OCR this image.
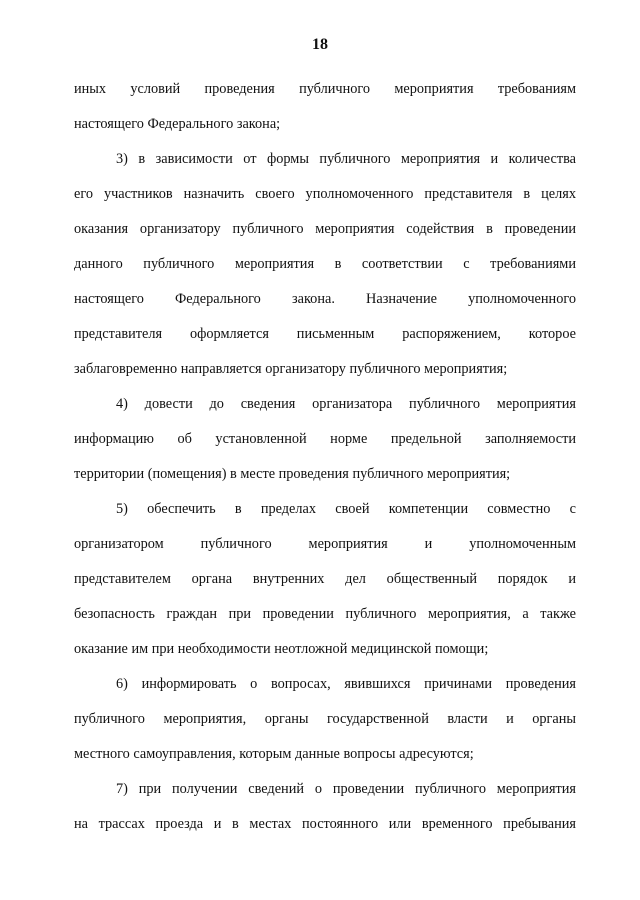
18

иных условий проведения публичного мероприятия требованиям

настоящего Федерального закона;

3) в зависимости от формы публичного мероприятия и количества

его участников назначить своего уполномоченного представителя в целях

оказания организатору публичного мероприятия содействия в проведении

данного публичного мероприятия в соответствии с требованиями

настоящего Федерального закона. Назначение уполномоченного

представителя оформляется письменным распоряжением, которое

заблаговременно направляется организатору публичного мероприятия;

4) довести до сведения организатора публичного мероприятия

информацию об установленной норме предельной заполняемости

территории (помещения) в месте проведения публичного мероприятия;

5) обеспечить в пределах своей компетенции совместно с

организатором публичного мероприятия и уполномоченным

представителем органа внутренних дел общественный порядок и

безопасность граждан при проведении публичного мероприятия, а также

оказание им при необходимости неотложной медицинской помощи;

6) информировать о вопросах, явившихся причинами проведения

публичного мероприятия, органы государственной власти и органы

местного самоуправления, которым данные вопросы адресуются;

7) при получении сведений о проведении публичного мероприятия

на трассах проезда и в местах постоянного или временного пребывания
